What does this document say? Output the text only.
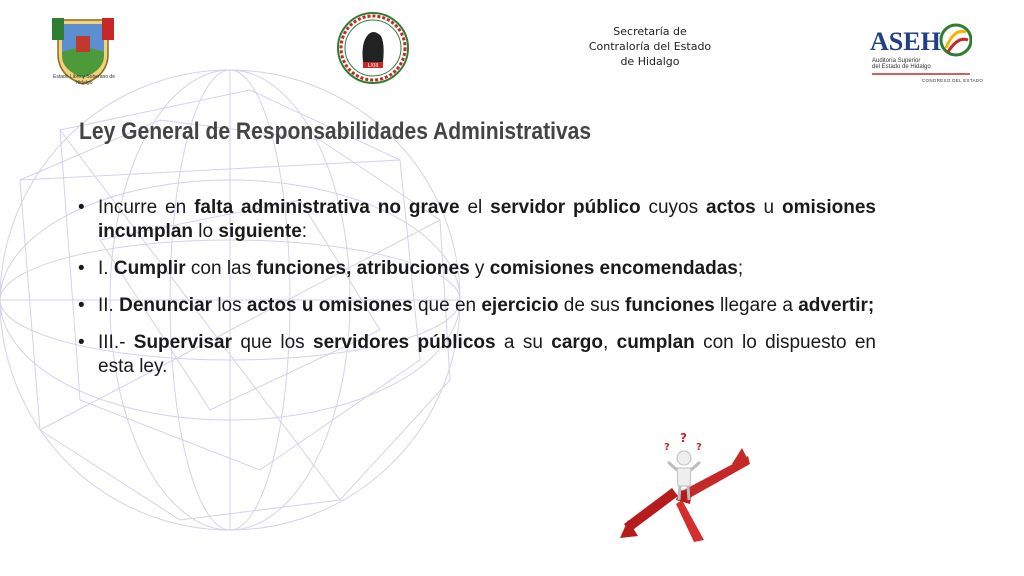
Estado Libre y Soberano de Hidalgo
LXIII
Secretaría de
Contraloría del Estado
de Hidalgo
ASEH
Auditoría Superior
del Estado de Hidalgo
CONGRESO DEL ESTADO
Ley General de Responsabilidades Administrativas
• Incurre en falta administrativa no grave el servidor público cuyos actos u omisiones incumplan lo siguiente:
• I. Cumplir con las funciones, atribuciones y comisiones encomendadas;
• II. Denunciar los actos u omisiones que en ejercicio de sus funciones llegare a advertir;
• III.- Supervisar que los servidores públicos a su cargo, cumplan con lo dispuesto en esta ley.
?
?	?
